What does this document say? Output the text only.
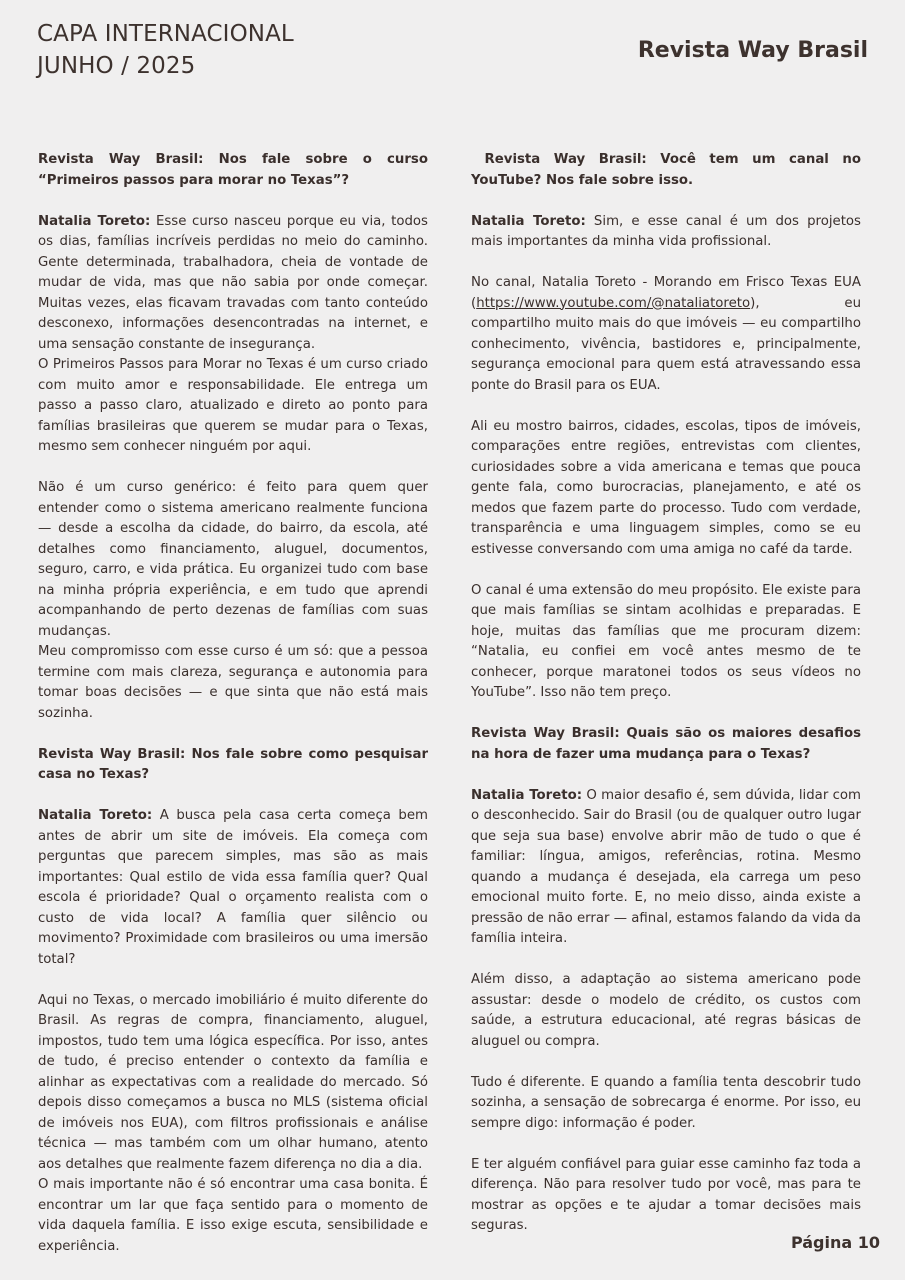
CAPA INTERNACIONAL
JUNHO / 2025
Revista Way Brasil

Revista Way Brasil: Nos fale sobre o curso “Primeiros passos para morar no Texas”?

Natalia Toreto: Esse curso nasceu porque eu via, todos os dias, famílias incríveis perdidas no meio do caminho. Gente determinada, trabalhadora, cheia de vontade de mudar de vida, mas que não sabia por onde começar. Muitas vezes, elas ficavam travadas com tanto conteúdo desconexo, informações desencontradas na internet, e uma sensação constante de insegurança.

O Primeiros Passos para Morar no Texas é um curso criado com muito amor e responsabilidade. Ele entrega um passo a passo claro, atualizado e direto ao ponto para famílias brasileiras que querem se mudar para o Texas, mesmo sem conhecer ninguém por aqui.

Não é um curso genérico: é feito para quem quer entender como o sistema americano realmente funciona — desde a escolha da cidade, do bairro, da escola, até detalhes como financiamento, aluguel, documentos, seguro, carro, e vida prática. Eu organizei tudo com base na minha própria experiência, e em tudo que aprendi acompanhando de perto dezenas de famílias com suas mudanças.

Meu compromisso com esse curso é um só: que a pessoa termine com mais clareza, segurança e autonomia para tomar boas decisões — e que sinta que não está mais sozinha.

Revista Way Brasil: Nos fale sobre como pesquisar casa no Texas?

Natalia Toreto: A busca pela casa certa começa bem antes de abrir um site de imóveis. Ela começa com perguntas que parecem simples, mas são as mais importantes: Qual estilo de vida essa família quer? Qual escola é prioridade? Qual o orçamento realista com o custo de vida local? A família quer silêncio ou movimento? Proximidade com brasileiros ou uma imersão total?

Aqui no Texas, o mercado imobiliário é muito diferente do Brasil. As regras de compra, financiamento, aluguel, impostos, tudo tem uma lógica específica. Por isso, antes de tudo, é preciso entender o contexto da família e alinhar as expectativas com a realidade do mercado. Só depois disso começamos a busca no MLS (sistema oficial de imóveis nos EUA), com filtros profissionais e análise técnica — mas também com um olhar humano, atento aos detalhes que realmente fazem diferença no dia a dia.

O mais importante não é só encontrar uma casa bonita. É encontrar um lar que faça sentido para o momento de vida daquela família. E isso exige escuta, sensibilidade e experiência.

Revista Way Brasil: Você tem um canal no YouTube? Nos fale sobre isso.

Natalia Toreto: Sim, e esse canal é um dos projetos mais importantes da minha vida profissional.

No canal, Natalia Toreto - Morando em Frisco Texas EUA (https://www.youtube.com/@nataliatoreto), eu compartilho muito mais do que imóveis — eu compartilho conhecimento, vivência, bastidores e, principalmente, segurança emocional para quem está atravessando essa ponte do Brasil para os EUA.

Ali eu mostro bairros, cidades, escolas, tipos de imóveis, comparações entre regiões, entrevistas com clientes, curiosidades sobre a vida americana e temas que pouca gente fala, como burocracias, planejamento, e até os medos que fazem parte do processo. Tudo com verdade, transparência e uma linguagem simples, como se eu estivesse conversando com uma amiga no café da tarde.

O canal é uma extensão do meu propósito. Ele existe para que mais famílias se sintam acolhidas e preparadas. E hoje, muitas das famílias que me procuram dizem: “Natalia, eu confiei em você antes mesmo de te conhecer, porque maratonei todos os seus vídeos no YouTube”. Isso não tem preço.

Revista Way Brasil: Quais são os maiores desafios na hora de fazer uma mudança para o Texas?

Natalia Toreto: O maior desafio é, sem dúvida, lidar com o desconhecido. Sair do Brasil (ou de qualquer outro lugar que seja sua base) envolve abrir mão de tudo o que é familiar: língua, amigos, referências, rotina. Mesmo quando a mudança é desejada, ela carrega um peso emocional muito forte. E, no meio disso, ainda existe a pressão de não errar — afinal, estamos falando da vida da família inteira.

Além disso, a adaptação ao sistema americano pode assustar: desde o modelo de crédito, os custos com saúde, a estrutura educacional, até regras básicas de aluguel ou compra.

Tudo é diferente. E quando a família tenta descobrir tudo sozinha, a sensação de sobrecarga é enorme. Por isso, eu sempre digo: informação é poder.

E ter alguém confiável para guiar esse caminho faz toda a diferença. Não para resolver tudo por você, mas para te mostrar as opções e te ajudar a tomar decisões mais seguras.

Página 10
